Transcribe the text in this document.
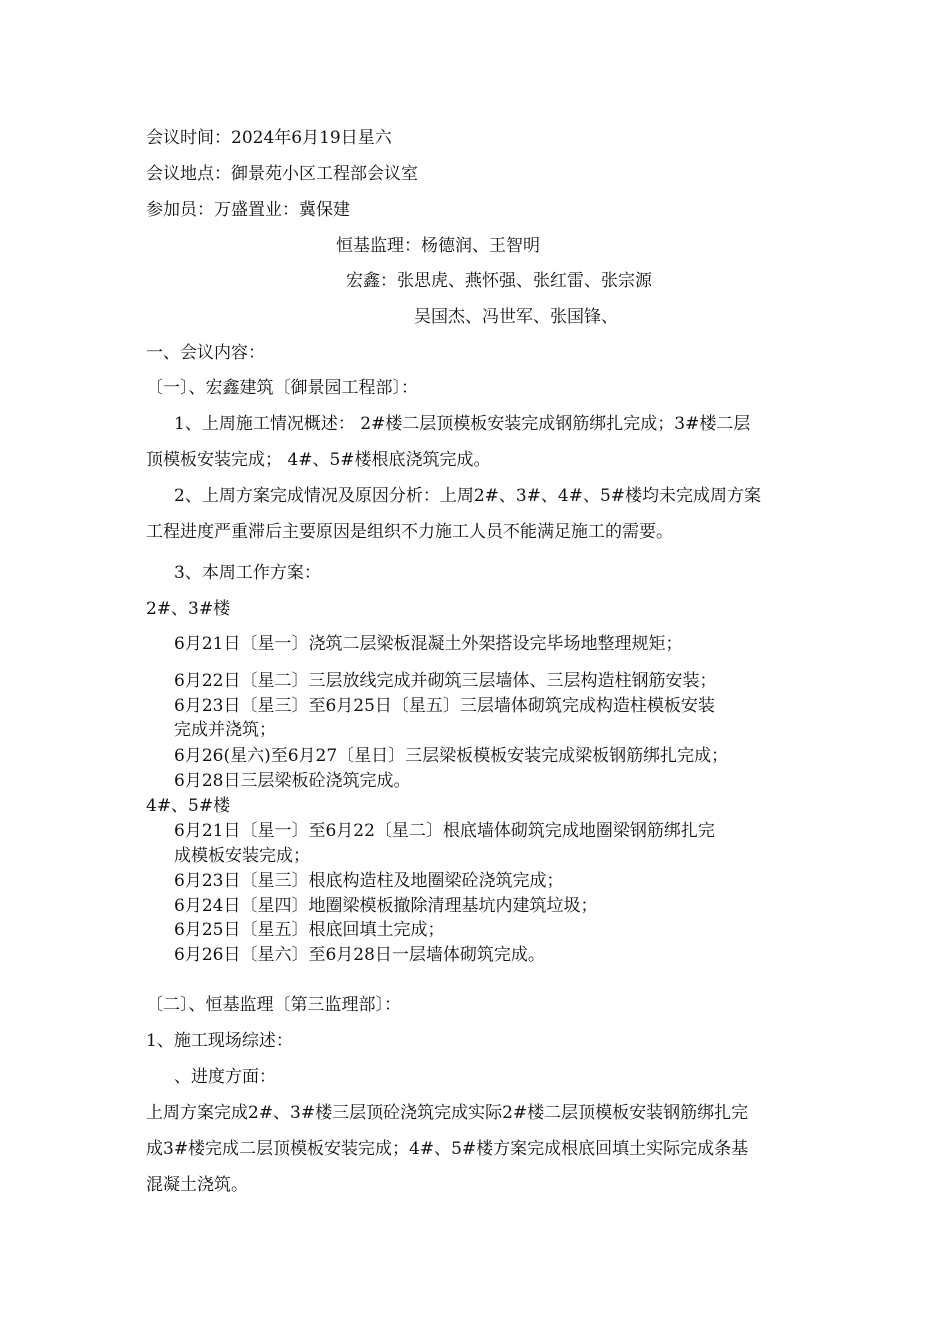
会议时间：2024年6月19日星六

会议地点：御景苑小区工程部会议室

参加员：万盛置业：冀保建

恒基监理：杨德润、王智明

宏鑫：张思虎、燕怀强、张红雷、张宗源

吴国杰、冯世军、张国锋、

一、会议内容：

〔一〕、宏鑫建筑〔御景园工程部〕：

1、上周施工情况概述： 2#楼二层顶模板安装完成钢筋绑扎完成；3#楼二层

顶模板安装完成； 4#、5#楼根底浇筑完成。

2、上周方案完成情况及原因分析：上周2#、3#、4#、5#楼均未完成周方案

工程进度严重滞后主要原因是组织不力施工人员不能满足施工的需要。

3、本周工作方案：

2#、3#楼

6月21日〔星一〕浇筑二层梁板混凝土外架搭设完毕场地整理规矩；

6月22日〔星二〕三层放线完成并砌筑三层墙体、三层构造柱钢筋安装；

6月23日〔星三〕至6月25日〔星五〕三层墙体砌筑完成构造柱模板安装

完成并浇筑；

6月26(星六)至6月27〔星日〕三层梁板模板安装完成梁板钢筋绑扎完成；

6月28日三层梁板砼浇筑完成。

4#、5#楼

6月21日〔星一〕至6月22〔星二〕根底墙体砌筑完成地圈梁钢筋绑扎完

成模板安装完成；

6月23日〔星三〕根底构造柱及地圈梁砼浇筑完成；

6月24日〔星四〕地圈梁模板撤除清理基坑内建筑垃圾；

6月25日〔星五〕根底回填土完成；

6月26日〔星六〕至6月28日一层墙体砌筑完成。

〔二〕、恒基监理〔第三监理部〕：

1、施工现场综述：

、进度方面：

上周方案完成2#、3#楼三层顶砼浇筑完成实际2#楼二层顶模板安装钢筋绑扎完

成3#楼完成二层顶模板安装完成；4#、5#楼方案完成根底回填土实际完成条基

混凝土浇筑。
